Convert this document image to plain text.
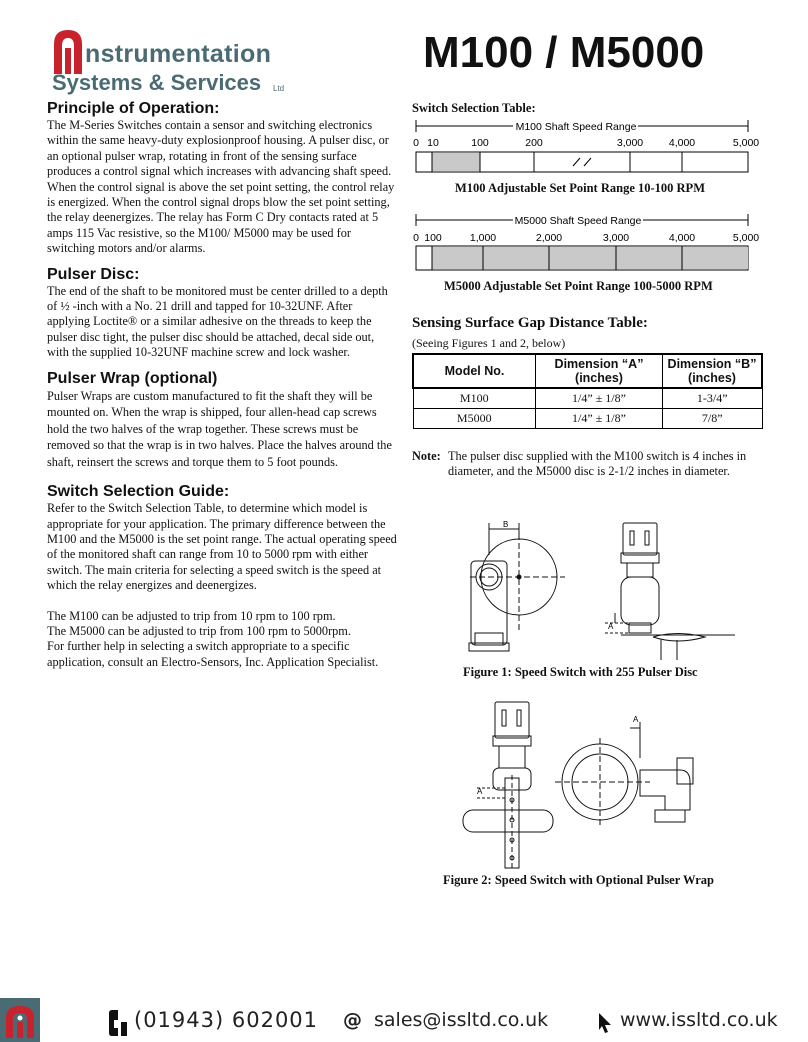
nstrumentation
Systems & Services Ltd
M100 / M5000
Principle of Operation:
The M-Series Switches contain a sensor and switching electronics within the same heavy-duty explosionproof housing. A pulser disc, or an optional pulser wrap, rotating in front of the sensing surface produces a control signal which increases with advancing shaft speed. When the control signal is above the set point setting, the control relay is energized. When the control signal drops blow the set point setting, the relay deenergizes. The relay has Form C Dry contacts rated at 5 amps 115 Vac resistive, so the M100/ M5000 may be used for switching motors and/or alarms.
Pulser Disc:
The end of the shaft to be monitored must be center drilled to a depth of ½ -inch with a No. 21 drill and tapped for 10-32UNF. After applying Loctite® or a similar adhesive on the threads to keep the pulser disc tight, the pulser disc should be attached, decal side out, with the supplied 10-32UNF machine screw and lock washer.
Pulser Wrap (optional)
Pulser Wraps are custom manufactured to fit the shaft they will be mounted on. When the wrap is shipped, four allen-head cap screws hold the two halves of the wrap together. These screws must be removed so that the wrap is in two halves. Place the halves around the shaft, reinsert the screws and torque them to 5 foot pounds.
Switch Selection Guide:
Refer to the Switch Selection Table, to determine which model is appropriate for your application. The primary difference between the M100 and the M5000 is the set point range. The actual operating speed of the monitored shaft can range from 10 to 5000 rpm with either switch. The main criteria for selecting a speed switch is the speed at which the relay energizes and deenergizes.
The M100 can be adjusted to trip from 10 rpm to 100 rpm.
The M5000 can be adjusted to trip from 100 rpm to 5000rpm.
For further help in selecting a switch appropriate to a specific application, consult an Electro-Sensors, Inc. Application Specialist.
Switch Selection Table:
M100 Shaft Speed Range
0 10	100	200	3,000 4,000	5,000
M100 Adjustable Set Point Range 10-100 RPM
M5000 Shaft Speed Range
0 100	1,000	2,000	3,000	4,000	5,000
M5000 Adjustable Set Point Range 100-5000 RPM
Sensing Surface Gap Distance Table:
(Seeing Figures 1 and 2, below)
Model No.	Dimension “A” (inches)	Dimension “B” (inches)
M100	1/4” ± 1/8”	1-3/4”
M5000	1/4” ± 1/8”	7/8”
Note: The pulser disc supplied with the M100 switch is 4 inches in diameter, and the M5000 disc is 2-1/2 inches in diameter.
B
A
Figure 1: Speed Switch with 255 Pulser Disc
A
A
Figure 2: Speed Switch with Optional Pulser Wrap
(01943) 602001 @ sales@issltd.co.uk	www.issltd.co.uk
